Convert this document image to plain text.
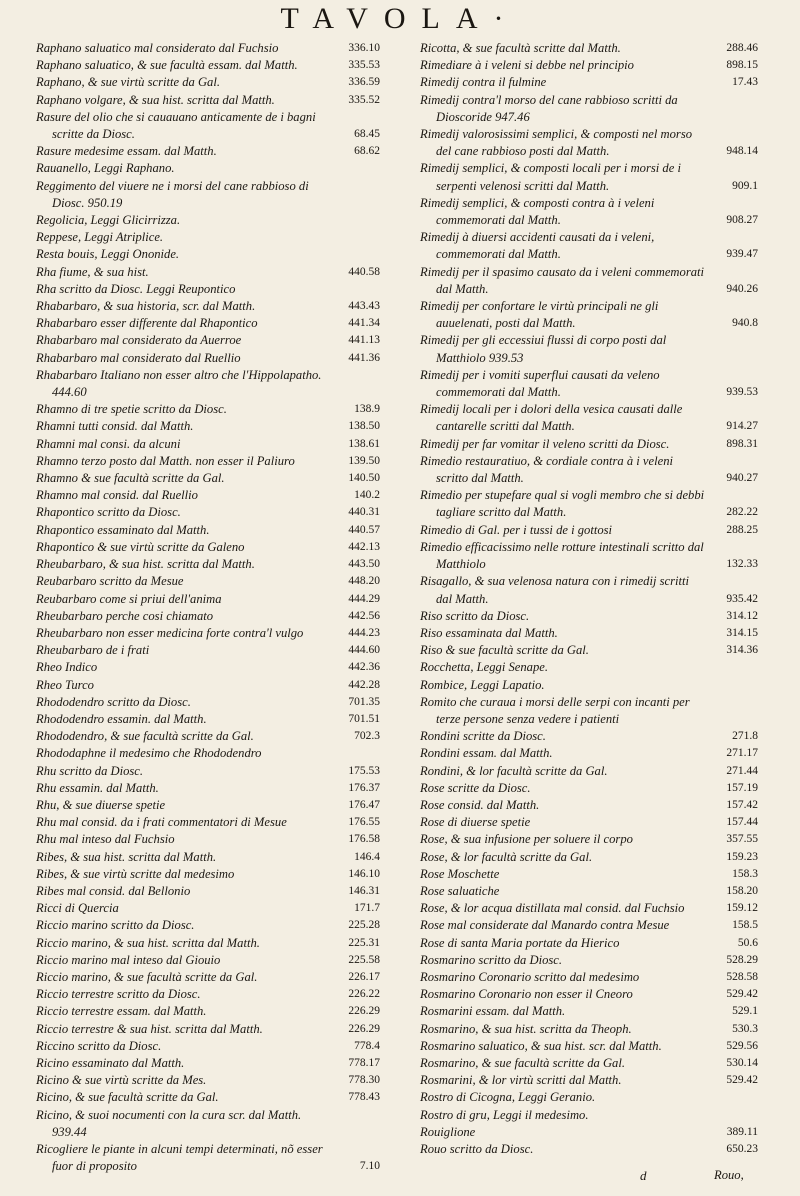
TAVOLA·
Raphano saluatico mal considerato dal Fuchsio	336.10
Raphano saluatico, & sue facultà essam. dal Matth.	335.53
Raphano, & sue virtù scritte da Gal.	336.59
Raphano volgare, & sua hist. scritta dal Matth.	335.52
Rasure del olio che si cauauano anticamente de i bagni scritte da Diosc.	68.45
Rasure medesime essam. dal Matth.	68.62
Rauanello, Leggi Raphano.
Reggimento del viuere ne i morsi del cane rabbioso di Diosc. 950.19
Regolicia, Leggi Glicirrizza.
Reppese, Leggi Atriplice.
Resta bouis, Leggi Ononide.
Rha fiume, & sua hist.	440.58
Rha scritto da Diosc. Leggi Reupontico
Rhabarbaro, & sua historia, scr. dal Matth.	443.43
Rhabarbaro esser differente dal Rhapontico	441.34
Rhabarbaro mal considerato da Auerroe	441.13
Rhabarbaro mal considerato dal Ruellio	441.36
Rhabarbaro Italiano non esser altro che l'Hippolapatho. 444.60
Rhamno di tre spetie scritto da Diosc.	138.9
Rhamni tutti consid. dal Matth.	138.50
Rhamni mal consi. da alcuni	138.61
Rhamno terzo posto dal Matth. non esser il Paliuro	139.50
Rhamno & sue facultà scritte da Gal.	140.50
Rhamno mal consid. dal Ruellio	140.2
Rhapontico scritto da Diosc.	440.31
Rhapontico essaminato dal Matth.	440.57
Rhapontico & sue virtù scritte da Galeno	442.13
Rheubarbaro, & sua hist. scritta dal Matth.	443.50
Reubarbaro scritto da Mesue	448.20
Reubarbaro come si priui dell'anima	444.29
Rheubarbaro perche cosi chiamato	442.56
Rheubarbaro non esser medicina forte contra'l vulgo	444.23
Rheubarbaro de i frati	444.60
Rheo Indico	442.36
Rheo Turco	442.28
Rhododendro scritto da Diosc.	701.35
Rhododendro essamin. dal Matth.	701.51
Rhododendro, & sue facultà scritte da Gal.	702.3
Rhododaphne il medesimo che Rhododendro
Rhu scritto da Diosc.	175.53
Rhu essamin. dal Matth.	176.37
Rhu, & sue diuerse spetie	176.47
Rhu mal consid. da i frati commentatori di Mesue	176.55
Rhu mal inteso dal Fuchsio	176.58
Ribes, & sua hist. scritta dal Matth.	146.4
Ribes, & sue virtù scritte dal medesimo	146.10
Ribes mal consid. dal Bellonio	146.31
Ricci di Quercia	171.7
Riccio marino scritto da Diosc.	225.28
Riccio marino, & sua hist. scritta dal Matth.	225.31
Riccio marino mal inteso dal Giouio	225.58
Riccio marino, & sue facultà scritte da Gal.	226.17
Riccio terrestre scritto da Diosc.	226.22
Riccio terrestre essam. dal Matth.	226.29
Riccio terrestre & sua hist. scritta dal Matth.	226.29
Riccino scritto da Diosc.	778.4
Ricino essaminato dal Matth.	778.17
Ricino & sue virtù scritte da Mes.	778.30
Ricino, & sue facultà scritte da Gal.	778.43
Ricino, & suoi nocumenti con la cura scr. dal Matth. 939.44
Ricogliere le piante in alcuni tempi determinati, nõ esser fuor di proposito	7.10
Ricotta, & sue facultà scritte dal Matth.	288.46
Rimediare à i veleni si debbe nel principio	898.15
Rimedij contra il fulmine	17.43
Rimedij contra'l morso del cane rabbioso scritti da Dioscoride 947.46
Rimedij valorosissimi semplici, & composti nel morso del cane rabbioso posti dal Matth.	948.14
Rimedij semplici, & composti locali per i morsi de i serpenti velenosi scritti dal Matth.	909.1
Rimedij semplici, & composti contra à i veleni commemorati dal Matth.	908.27
Rimedij à diuersi accidenti causati da i veleni, commemorati dal Matth.	939.47
Rimedij per il spasimo causato da i veleni commemorati dal Matth.	940.26
Rimedij per confortare le virtù principali ne gli auuelenati, posti dal Matth.	940.8
Rimedij per gli eccessiui flussi di corpo posti dal Matthiolo 939.53
Rimedij per i vomiti superflui causati da veleno commemorati dal Matth.	939.53
Rimedij locali per i dolori della vesica causati dalle cantarelle scritti dal Matth.	914.27
Rimedij per far vomitar il veleno scritti da Diosc.	898.31
Rimedio restauratiuo, & cordiale contra à i veleni scritto dal Matth.	940.27
Rimedio per stupefare qual si vogli membro che si debbi tagliare scritto dal Matth.	282.22
Rimedio di Gal. per i tussi de i gottosi	288.25
Rimedio efficacissimo nelle rotture intestinali scritto dal Matthiolo	132.33
Risagallo, & sua velenosa natura con i rimedij scritti dal Matth.	935.42
Riso scritto da Diosc.	314.12
Riso essaminata dal Matth.	314.15
Riso & sue facultà scritte da Gal.	314.36
Rocchetta, Leggi Senape.
Rombice, Leggi Lapatio.
Romito che curaua i morsi delle serpi con incanti per terze persone senza vedere i patienti
Rondini scritte da Diosc.	271.8
Rondini essam. dal Matth.	271.17
Rondini, & lor facultà scritte da Gal.	271.44
Rose scritte da Diosc.	157.19
Rose consid. dal Matth.	157.42
Rose di diuerse spetie	157.44
Rose, & sua infusione per soluere il corpo	357.55
Rose, & lor facultà scritte da Gal.	159.23
Rose Moschette	158.3
Rose saluatiche	158.20
Rose, & lor acqua distillata mal consid. dal Fuchsio	159.12
Rose mal considerate dal Manardo contra Mesue	158.5
Rose di santa Maria portate da Hierico	50.6
Rosmarino scritto da Diosc.	528.29
Rosmarino Coronario scritto dal medesimo	528.58
Rosmarino Coronario non esser il Cneoro	529.42
Rosmarini essam. dal Matth.	529.1
Rosmarino, & sua hist. scritta da Theoph.	530.3
Rosmarino saluatico, & sua hist. scr. dal Matth.	529.56
Rosmarino, & sue facultà scritte da Gal.	530.14
Rosmarini, & lor virtù scritti dal Matth.	529.42
Rostro di Cicogna, Leggi Geranio.
Rostro di gru, Leggi il medesimo.
Rouiglione	389.11
Rouo scritto da Diosc.	650.23
d	Rouo,
